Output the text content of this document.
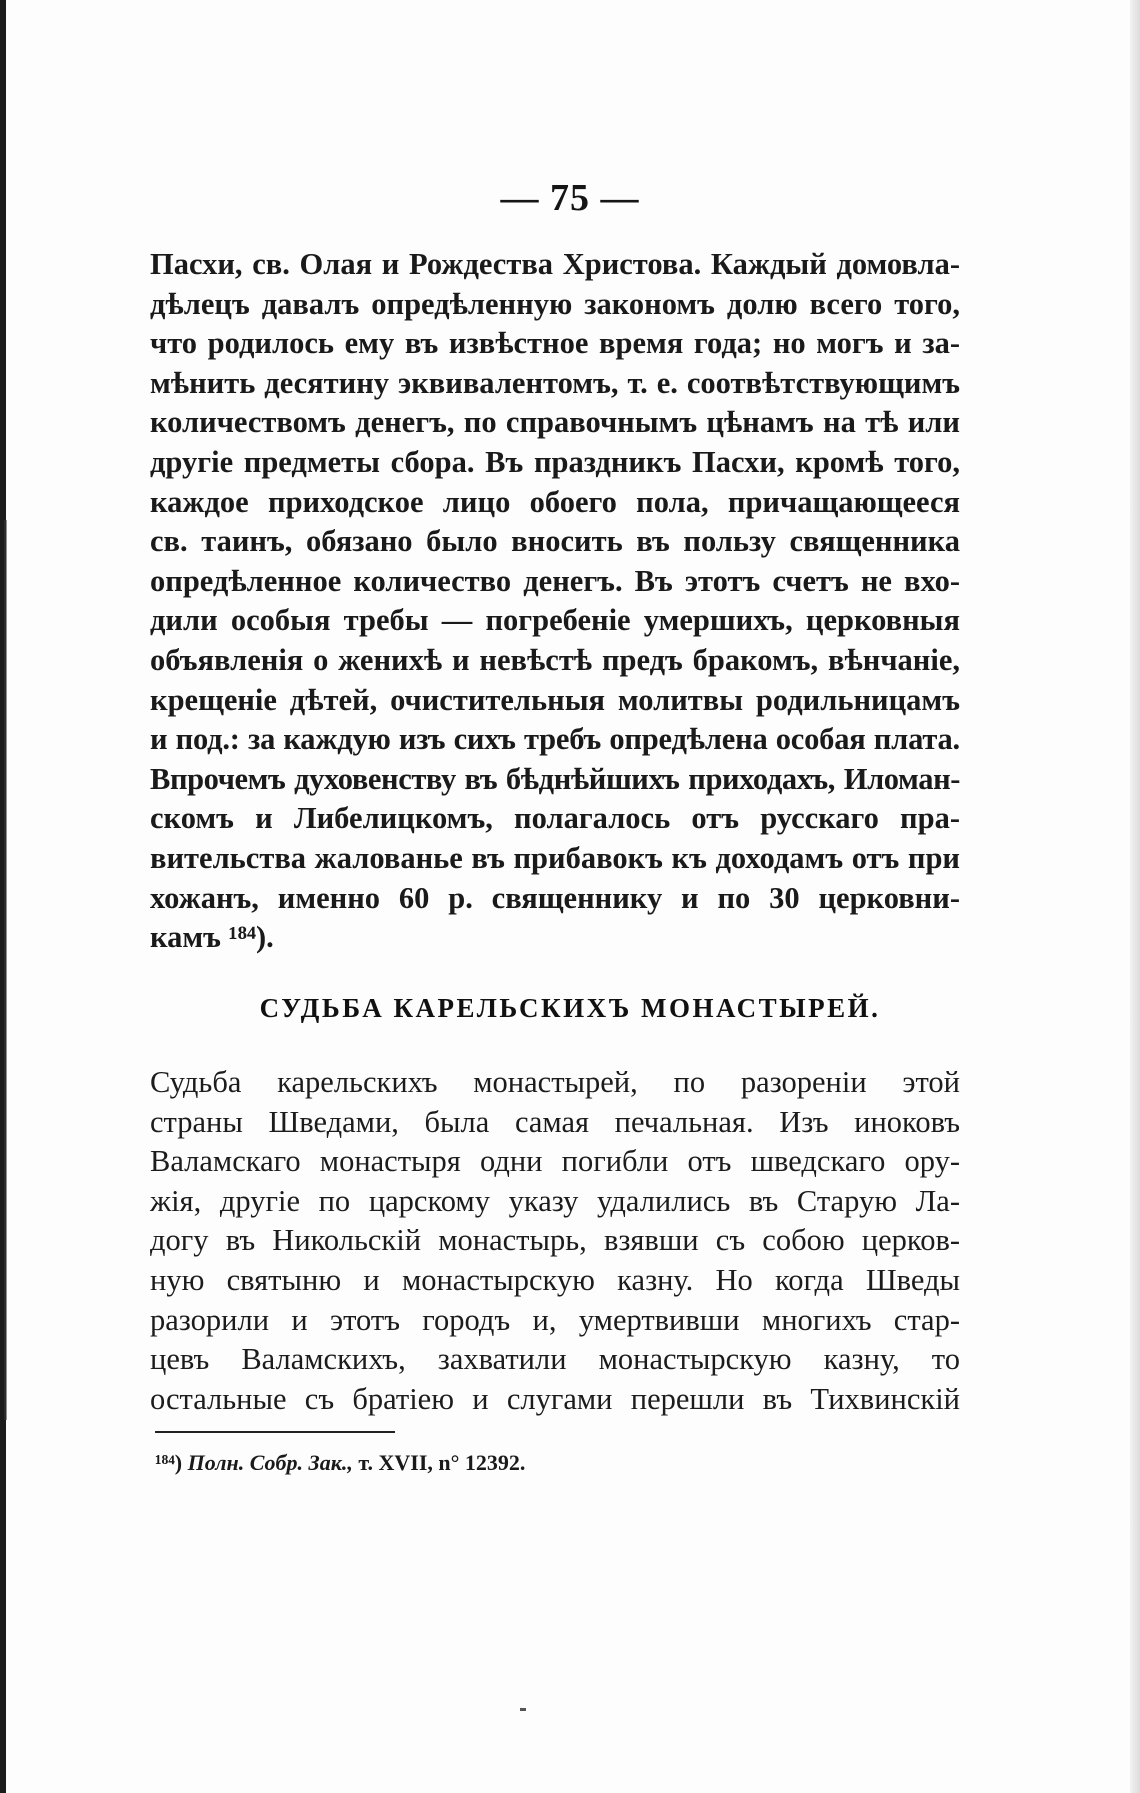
— 75 —
Пасхи, св. Олая и Рождества Христова. Каждый домовла-
дѣлецъ давалъ опредѣленную закономъ долю всего того,
что родилось ему въ извѣстное время года; но могъ и за-
мѣнить десятину эквивалентомъ, т. е. соотвѣтствующимъ
количествомъ денегъ, по справочнымъ цѣнамъ на тѣ или
другіе предметы сбора. Въ праздникъ Пасхи, кромѣ того,
каждое приходское лицо обоего пола, причащающееся
св. таинъ, обязано было вносить въ пользу священника
опредѣленное количество денегъ. Въ этотъ счетъ не вхо-
дили особыя требы — погребеніе умершихъ, церковныя
объявленія о женихѣ и невѣстѣ предъ бракомъ, вѣнчаніе,
крещеніе дѣтей, очистительныя молитвы родильницамъ
и под.: за каждую изъ сихъ требъ опредѣлена особая плата.
Впрочемъ духовенству въ бѣднѣйшихъ приходахъ, Иломан-
скомъ и Либелицкомъ, полагалось отъ русскаго пра-
вительства жалованье въ прибавокъ къ доходамъ отъ при
хожанъ, именно 60 р. священнику и по 30 церковни-
камъ ¹⁸⁴).
СУДЬБА КАРЕЛЬСКИХЪ МОНАСТЫРЕЙ.
Судьба карельскихъ монастырей, по разореніи этой
страны Шведами, была самая печальная. Изъ иноковъ
Валамскаго монастыря одни погибли отъ шведскаго ору-
жія, другіе по царскому указу удалились въ Старую Ла-
догу въ Никольскій монастырь, взявши съ собою церков-
ную святыню и монастырскую казну. Но когда Шведы
разорили и этотъ городъ и, умертвивши многихъ стар-
цевъ Валамскихъ, захватили монастырскую казну, то
остальные съ братіею и слугами перешли въ Тихвинскій
¹⁸⁴) Полн. Собр. Зак., т. XVII, n° 12392.
